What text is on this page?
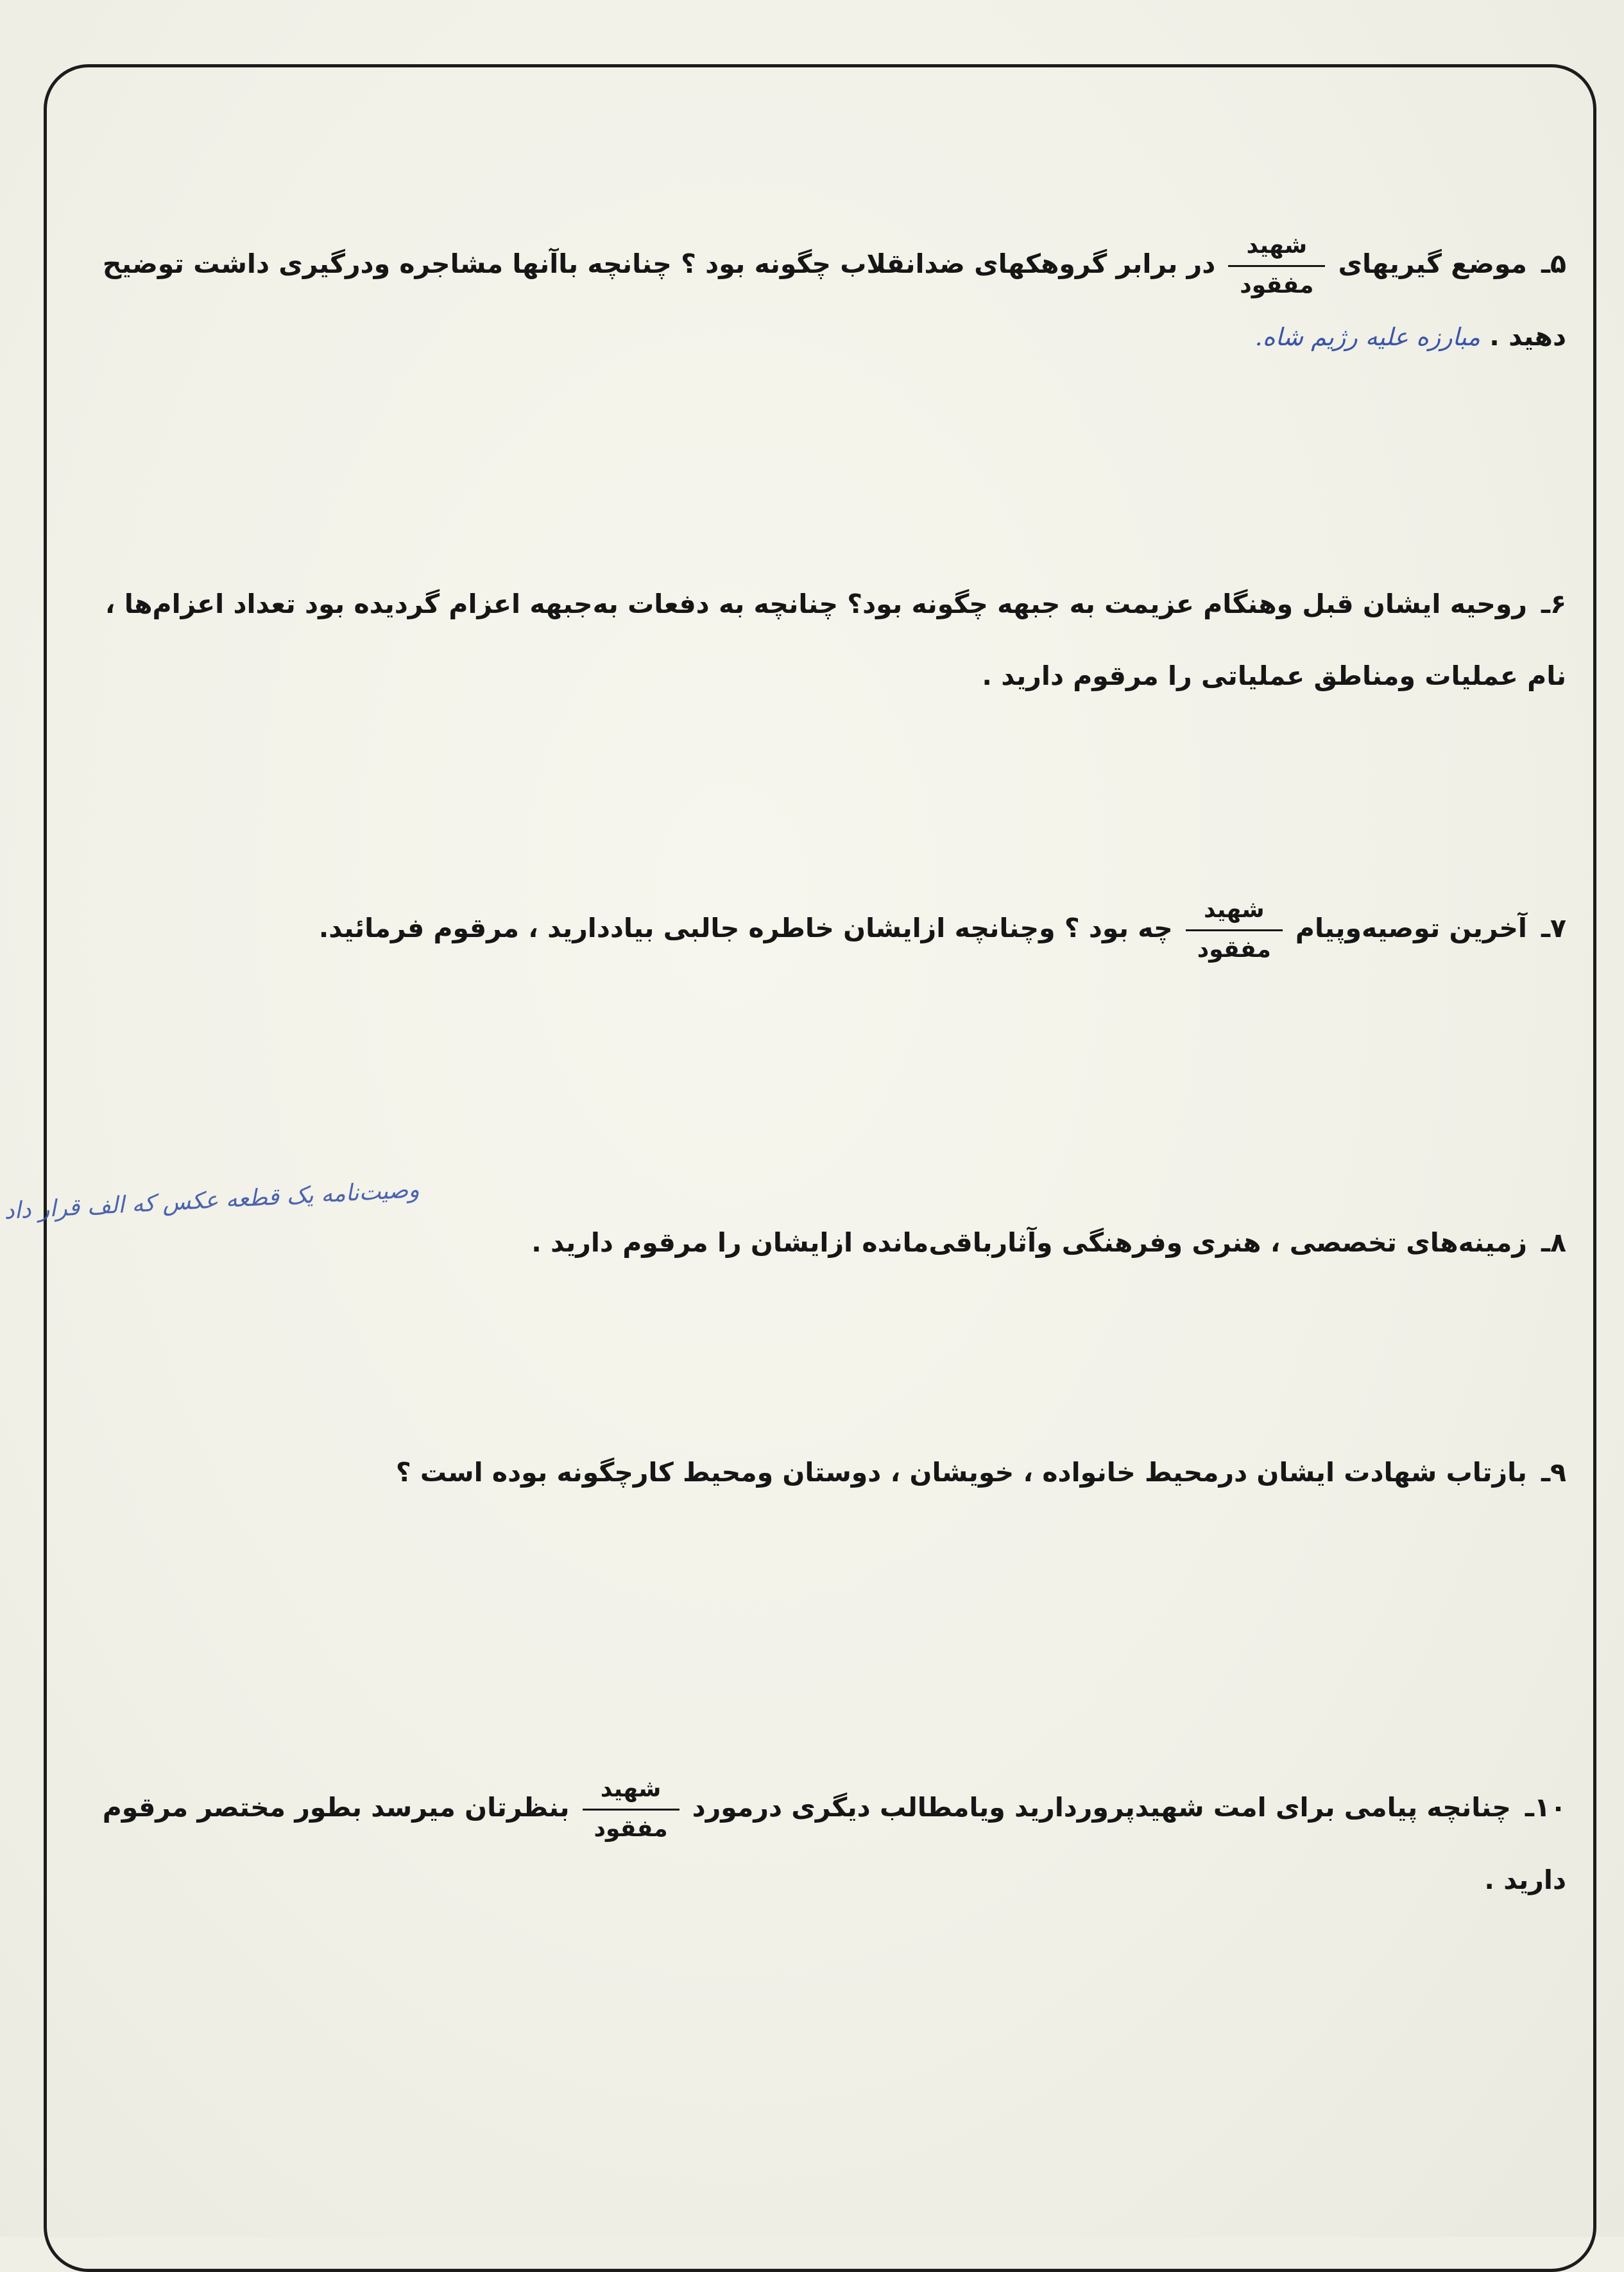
۵ـموضع گیریهای
$\frac{\text{شهید}}{\text{مفقود}}$
در برابر گروهکهای ضدانقلاب چگونه بود ؟ چنانچه باآنها مشاجره ودرگیری داشت توضیح دهید . مبارزه علیه رژیم شاه.
۶ـروحیه ایشان قبل وهنگام عزیمت به جبهه چگونه بود؟ چنانچه به دفعات به‌جبهه اعزام گردیده بود تعداد اعزام‌ها ، نام عملیات ومناطق عملیاتی را مرقوم دارید .
۷ـآخرین توصیه‌وپیام
$\frac{\text{شهید}}{\text{مفقود}}$
چه بود ؟ وچنانچه ازایشان خاطره جالبی بیاددارید ، مرقوم فرمائید.
۸ـزمینه‌های تخصصی ، هنری وفرهنگی وآثارباقی‌مانده ازایشان را مرقوم دارید .
وصیت‌نامه یک قطعه عکس که الف قرار داد
۹ـبازتاب شهادت ایشان درمحیط خانواده ، خویشان ، دوستان ومحیط کارچگونه بوده است ؟
۱۰ـچنانچه پیامی برای امت شهیدپروردارید ویامطالب دیگری درمورد
$\frac{\text{شهید}}{\text{مفقود}}$
بنظرتان میرسد بطور مختصر مرقوم دارید .
